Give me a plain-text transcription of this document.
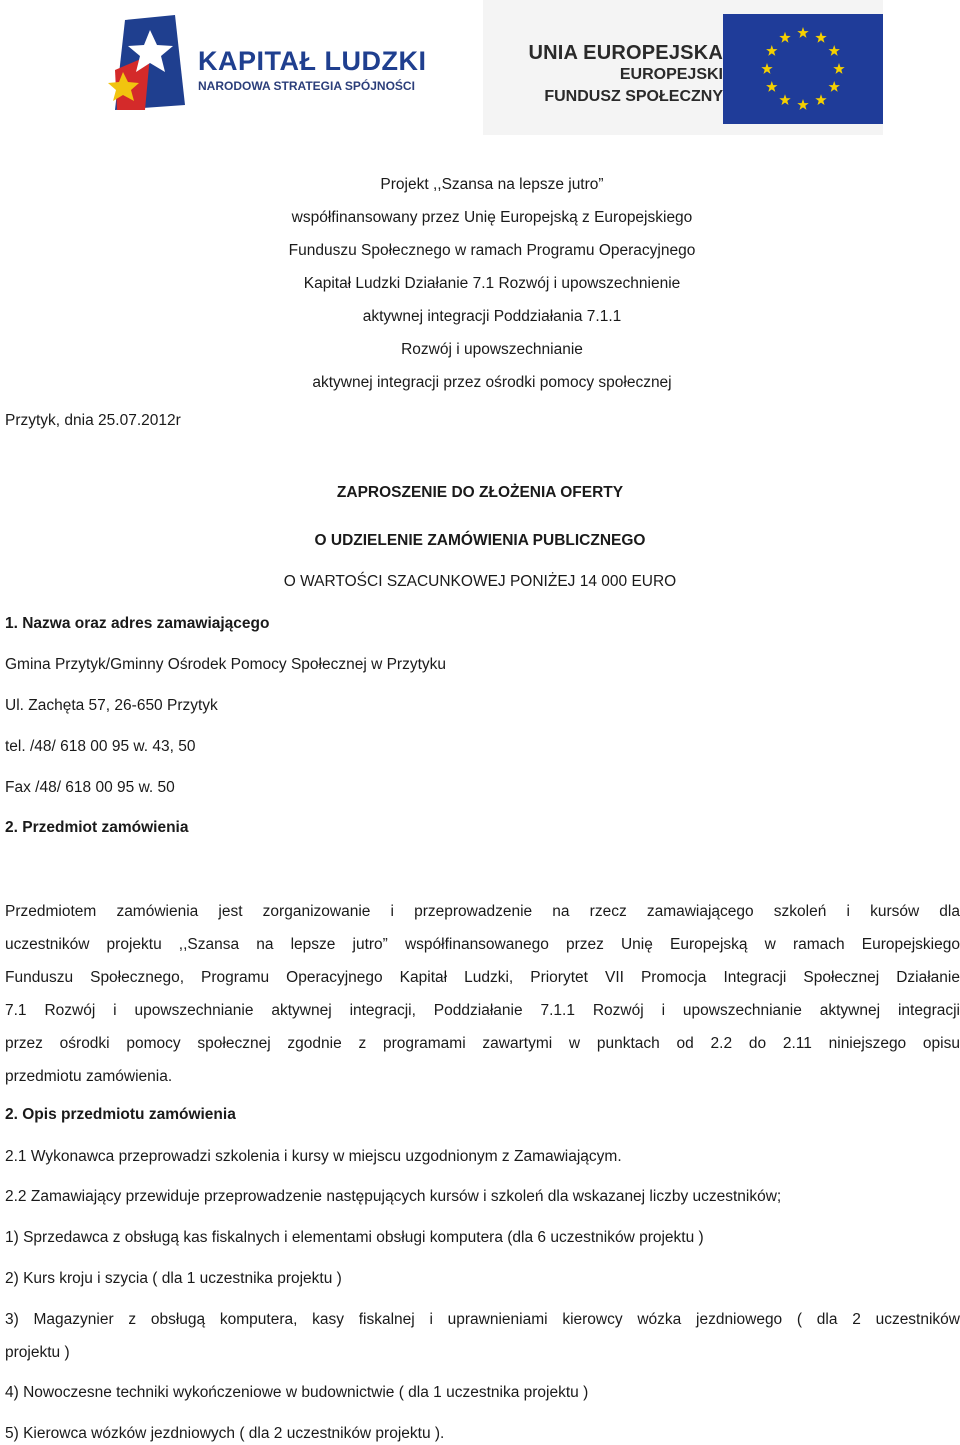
KAPITAŁ LUDZKI
NARODOWA STRATEGIA SPÓJNOŚCI
UNIA EUROPEJSKA
EUROPEJSKI
FUNDUSZ SPOŁECZNY
Projekt ,,Szansa na lepsze jutro”
współfinansowany przez Unię Europejską z Europejskiego
Funduszu Społecznego w ramach Programu Operacyjnego
Kapitał Ludzki Działanie 7.1 Rozwój i upowszechnienie
aktywnej integracji Poddziałania 7.1.1
Rozwój i upowszechnianie
aktywnej integracji przez ośrodki pomocy społecznej
Przytyk, dnia 25.07.2012r
ZAPROSZENIE DO ZŁOŻENIA OFERTY
O UDZIELENIE ZAMÓWIENIA PUBLICZNEGO
O WARTOŚCI SZACUNKOWEJ PONIŻEJ 14 000 EURO
1. Nazwa oraz adres zamawiającego
Gmina Przytyk/Gminny Ośrodek Pomocy Społecznej w Przytyku
Ul. Zachęta 57, 26-650 Przytyk
tel. /48/ 618 00 95 w. 43, 50
Fax /48/ 618 00 95 w. 50
2. Przedmiot zamówienia
Przedmiotem zamówienia jest zorganizowanie i przeprowadzenie na rzecz zamawiającego szkoleń i kursów dla
uczestników projektu ,,Szansa na lepsze jutro” współfinansowanego przez Unię Europejską w ramach Europejskiego
Funduszu Społecznego, Programu Operacyjnego Kapitał Ludzki, Priorytet VII Promocja Integracji Społecznej Działanie
7.1 Rozwój i upowszechnianie aktywnej integracji, Poddziałanie 7.1.1 Rozwój i upowszechnianie aktywnej integracji
przez ośrodki pomocy społecznej zgodnie z programami zawartymi w punktach od 2.2 do 2.11 niniejszego opisu
przedmiotu zamówienia.
2. Opis przedmiotu zamówienia
2.1 Wykonawca przeprowadzi szkolenia i kursy w miejscu uzgodnionym z Zamawiającym.
2.2 Zamawiający przewiduje przeprowadzenie następujących kursów i szkoleń dla wskazanej liczby uczestników;
1) Sprzedawca z obsługą kas fiskalnych i elementami obsługi komputera (dla 6 uczestników projektu )
2) Kurs kroju i szycia ( dla 1 uczestnika projektu )
3) Magazynier z obsługą komputera, kasy fiskalnej i uprawnieniami kierowcy wózka jezdniowego ( dla 2 uczestników
projektu )
4) Nowoczesne techniki wykończeniowe w budownictwie ( dla 1 uczestnika projektu )
5) Kierowca wózków jezdniowych ( dla 2 uczestników projektu ).
